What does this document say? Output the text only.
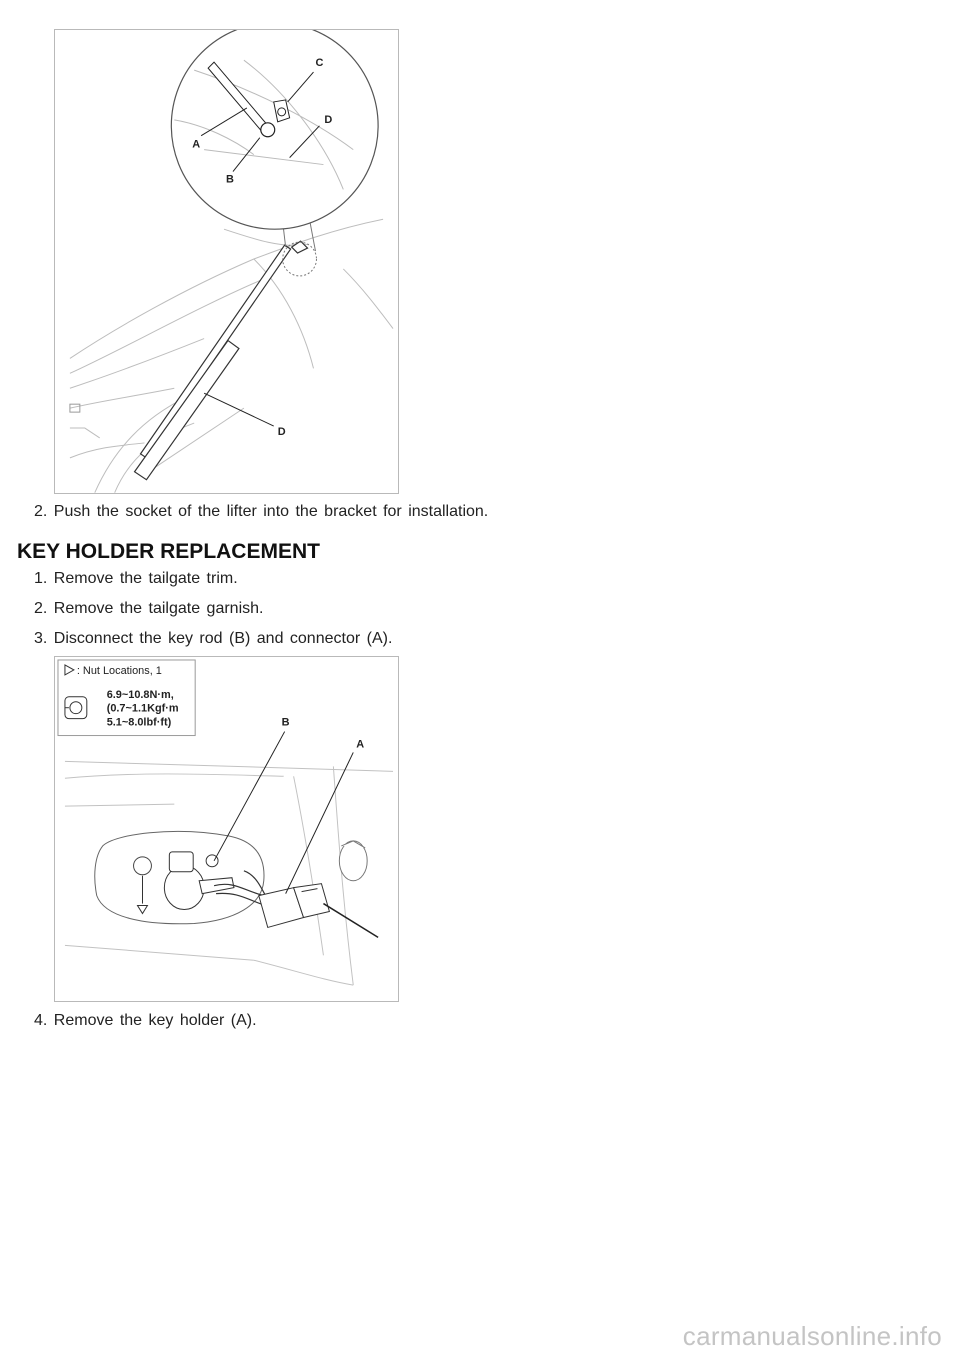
A
B
C
D
D
2. Push the socket of the lifter into the bracket for installation.
KEY HOLDER REPLACEMENT
1. Remove the tailgate trim.
2. Remove the tailgate garnish.
3. Disconnect the key rod (B) and connector (A).
: Nut Locations, 1
6.9~10.8N·m,
(0.7~1.1Kgf·m
5.1~8.0lbf·ft)	B
A
4. Remove the key holder (A).
carmanualsonline.info
